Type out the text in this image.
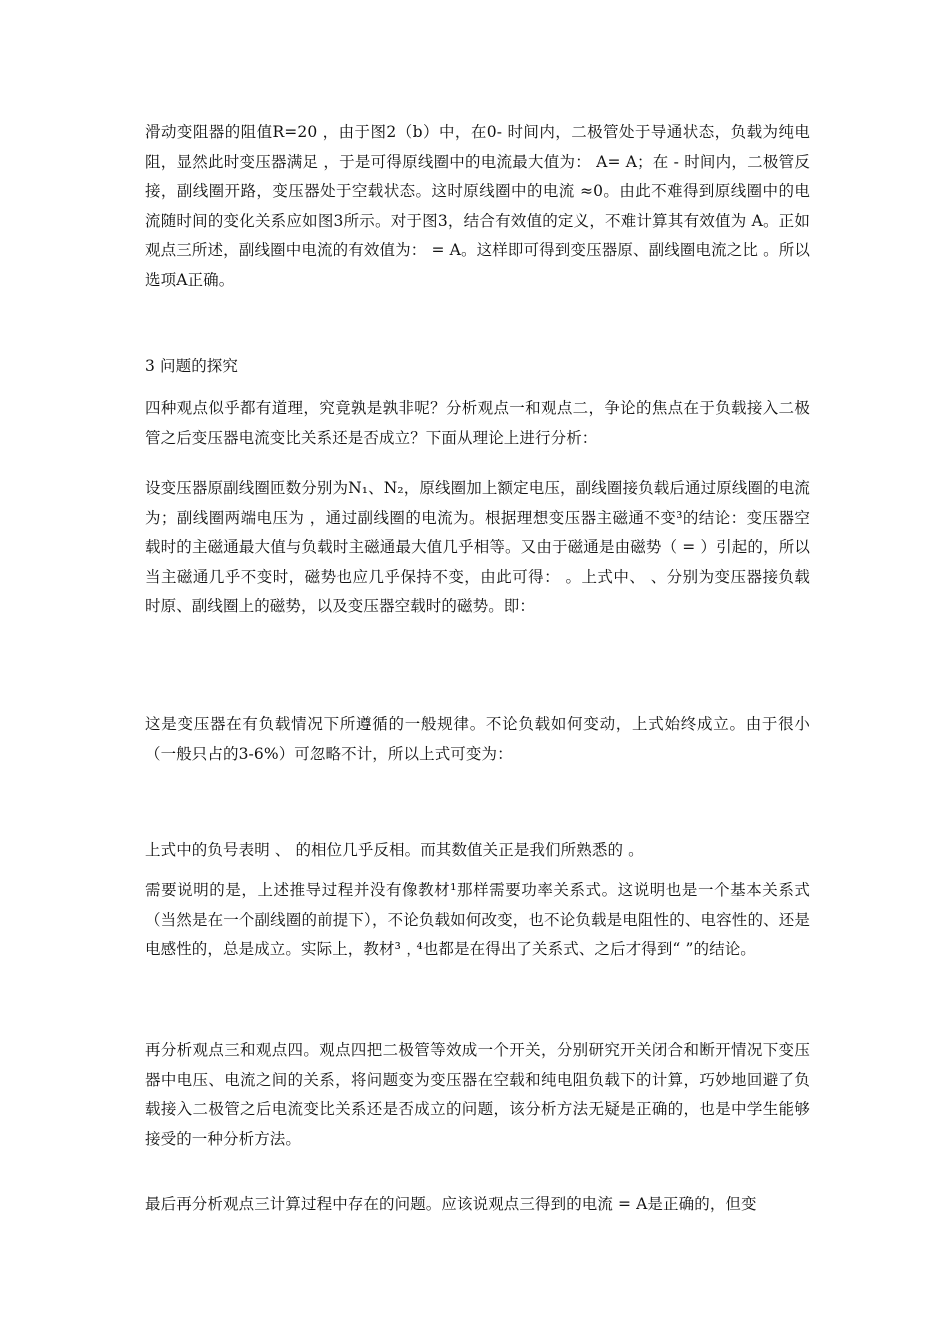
滑动变阻器的阻值R=20 ，由于图2（b）中，在0- 时间内，二极管处于导通状态，负载为纯电阻，显然此时变压器满足 ，于是可得原线圈中的电流最大值为： A= A；在 - 时间内，二极管反接，副线圈开路，变压器处于空载状态。这时原线圈中的电流 ≈0。由此不难得到原线圈中的电流随时间的变化关系应如图3所示。对于图3，结合有效值的定义，不难计算其有效值为 A。正如观点三所述，副线圈中电流的有效值为： = A。这样即可得到变压器原、副线圈电流之比 。所以选项A正确。

3 问题的探究

四种观点似乎都有道理，究竟孰是孰非呢？分析观点一和观点二，争论的焦点在于负载接入二极管之后变压器电流变比关系还是否成立？下面从理论上进行分析：

设变压器原副线圈匝数分别为N₁、N₂，原线圈加上额定电压，副线圈接负载后通过原线圈的电流为；副线圈两端电压为 ，通过副线圈的电流为。根据理想变压器主磁通不变³的结论：变压器空载时的主磁通最大值与负载时主磁通最大值几乎相等。又由于磁通是由磁势（ = ）引起的，所以当主磁通几乎不变时，磁势也应几乎保持不变，由此可得： 。上式中、 、分别为变压器接负载时原、副线圈上的磁势，以及变压器空载时的磁势。即：

这是变压器在有负载情况下所遵循的一般规律。不论负载如何变动，上式始终成立。由于很小（一般只占的3-6%）可忽略不计，所以上式可变为：

上式中的负号表明 、 的相位几乎反相。而其数值关正是我们所熟悉的 。

需要说明的是，上述推导过程并没有像教材¹那样需要功率关系式。这说明也是一个基本关系式（当然是在一个副线圈的前提下），不论负载如何改变，也不论负载是电阻性的、电容性的、还是电感性的，总是成立。实际上，教材³﹐⁴也都是在得出了关系式、之后才得到“ ”的结论。

再分析观点三和观点四。观点四把二极管等效成一个开关，分别研究开关闭合和断开情况下变压器中电压、电流之间的关系，将问题变为变压器在空载和纯电阻负载下的计算，巧妙地回避了负载接入二极管之后电流变比关系还是否成立的问题，该分析方法无疑是正确的，也是中学生能够接受的一种分析方法。

最后再分析观点三计算过程中存在的问题。应该说观点三得到的电流 = A是正确的，但变
